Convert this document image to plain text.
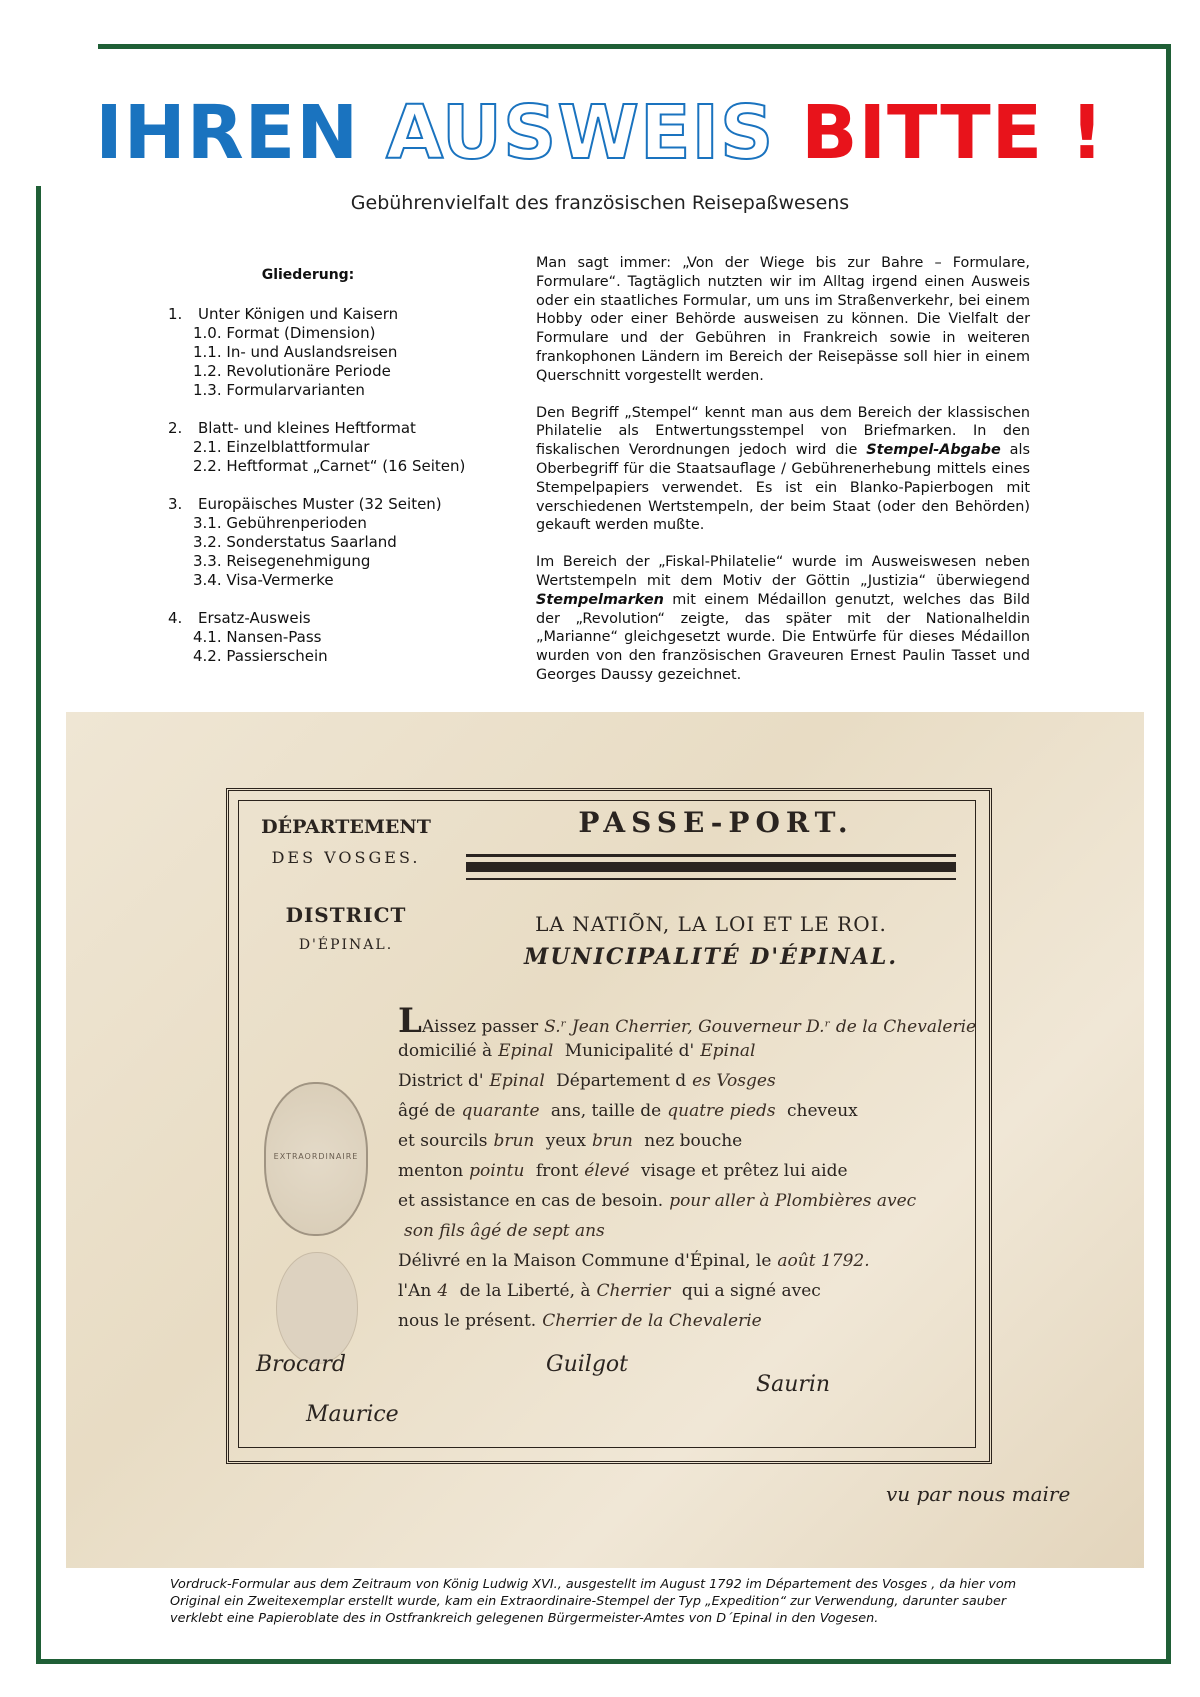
IHREN AUSWEIS BITTE !
Gebührenvielfalt des französischen Reisepaßwesens
Gliederung:
1.	Unter Königen und Kaisern
1.0. Format (Dimension)
1.1. In- und Auslandsreisen
1.2. Revolutionäre Periode
1.3. Formularvarianten
2.	Blatt- und kleines Heftformat
2.1. Einzelblattformular
2.2. Heftformat „Carnet“ (16 Seiten)
3.	Europäisches Muster (32 Seiten)
3.1. Gebührenperioden
3.2. Sonderstatus Saarland
3.3. Reisegenehmigung
3.4. Visa-Vermerke
4.	Ersatz-Ausweis
4.1. Nansen-Pass
4.2. Passierschein

Man sagt immer: „Von der Wiege bis zur Bahre – Formulare, Formulare“. Tagtäglich nutzten wir im Alltag irgend einen Ausweis oder ein staatliches Formular, um uns im Straßenverkehr, bei einem Hobby oder einer Behörde ausweisen zu können. Die Vielfalt der Formulare und der Gebühren in Frankreich sowie in weiteren frankophonen Ländern im Bereich der Reisepässe soll hier in einem Querschnitt vorgestellt werden.

Den Begriff „Stempel“ kennt man aus dem Bereich der klassischen Philatelie als Entwertungsstempel von Briefmarken. In den fiskalischen Verordnungen jedoch wird die Stempel-Abgabe als Oberbegriff für die Staatsauflage / Gebührenerhebung mittels eines Stempelpapiers verwendet. Es ist ein Blanko-Papierbogen mit verschiedenen Wertstempeln, der beim Staat (oder den Behörden) gekauft werden mußte.

Im Bereich der „Fiskal-Philatelie“ wurde im Ausweiswesen neben Wertstempeln mit dem Motiv der Göttin „Justizia“ überwiegend Stempelmarken mit einem Médaillon genutzt, welches das Bild der „Revolution“ zeigte, das später mit der Nationalheldin „Marianne“ gleichgesetzt wurde. Die Entwürfe für dieses Médaillon wurden von den französischen Graveuren Ernest Paulin Tasset und Georges Daussy gezeichnet.

DÉPARTEMENT
DES VOSGES.
DISTRICT
D'ÉPINAL.
PASSE-PORT.
LA NATIÕN, LA LOI ET LE ROI.
MUNICIPALITÉ D'ÉPINAL.
EXTRAORDINAIRE
LAissez passer S.ʳ Jean Cherrier, Gouverneur D.ʳ de la Chevalerie
domicilié à Epinal Municipalité d' Epinal
District d' Epinal Département d es Vosges
âgé de quarante ans, taille de quatre pieds cheveux
et sourcils brun yeux brun nez bouche
menton pointu front élevé visage et prêtez lui aide
et assistance en cas de besoin. pour aller à Plombières avec
son fils âgé de sept ans
Délivré en la Maison Commune d'Épinal, le août 1792.
l'An 4 de la Liberté, à Cherrier qui a signé avec
nous le présent. Cherrier de la Chevalerie
Brocard	Guilgot
Maurice
Saurin
vu par nous maire
Vordruck-Formular aus dem Zeitraum von König Ludwig XVI., ausgestellt im August 1792 im Département des Vosges , da hier vom Original ein Zweitexemplar erstellt wurde, kam ein Extraordinaire-Stempel der Typ „Expedition“ zur Verwendung, darunter sauber verklebt eine Papieroblate des in Ostfrankreich gelegenen Bürgermeister-Amtes von D´Epinal in den Vogesen.
